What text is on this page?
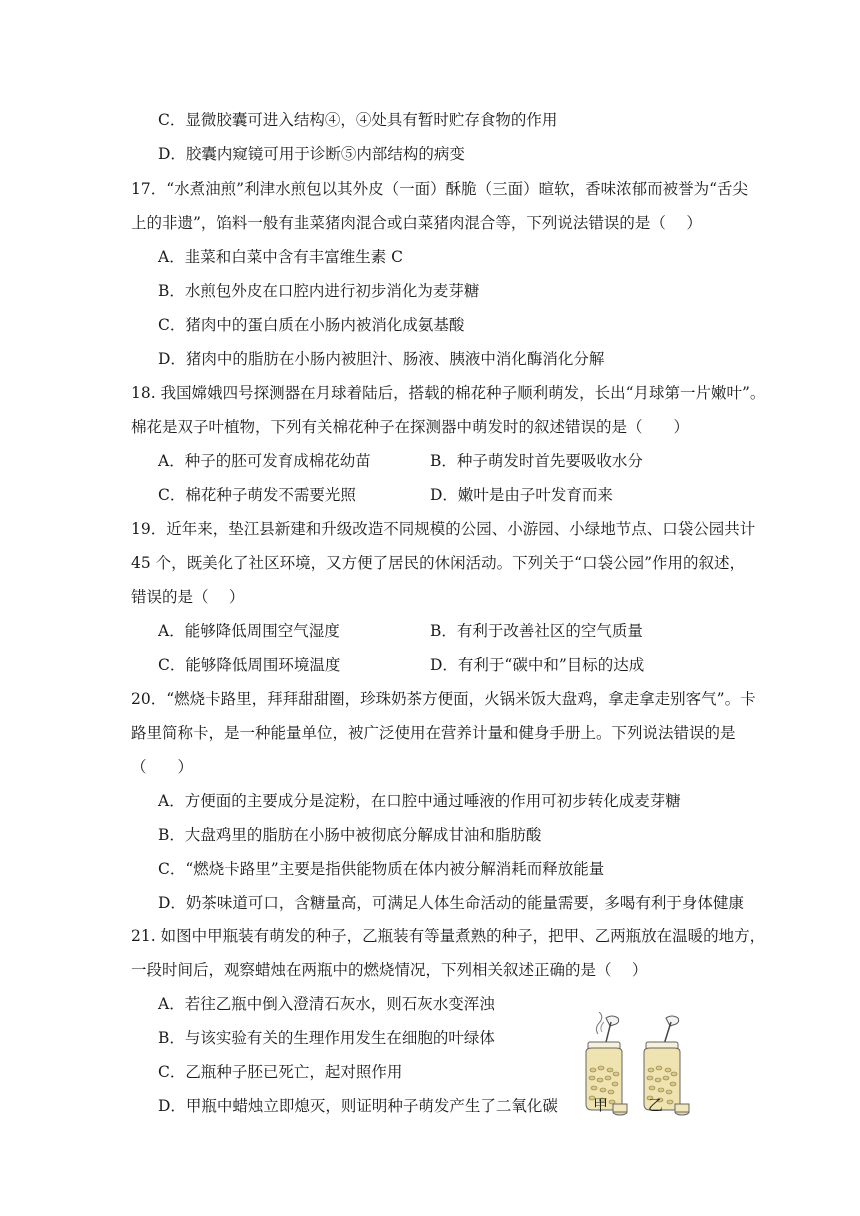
C．显微胶囊可进入结构④，④处具有暂时贮存食物的作用
D．胶囊内窥镜可用于诊断⑤内部结构的病变
17．“水煮油煎”利津水煎包以其外皮（一面）酥脆（三面）暄软，香味浓郁而被誉为“舌尖
上的非遗”，馅料一般有韭菜猪肉混合或白菜猪肉混合等，下列说法错误的是（　 ）
A．韭菜和白菜中含有丰富维生素 C
B．水煎包外皮在口腔内进行初步消化为麦芽糖
C．猪肉中的蛋白质在小肠内被消化成氨基酸
D．猪肉中的脂肪在小肠内被胆汁、肠液、胰液中消化酶消化分解
18. 我国嫦娥四号探测器在月球着陆后，搭载的棉花种子顺利萌发，长出“月球第一片嫩叶”。
棉花是双子叶植物，下列有关棉花种子在探测器中萌发时的叙述错误的是（　　）
A．种子的胚可发育成棉花幼苗	B．种子萌发时首先要吸收水分
C．棉花种子萌发不需要光照	D．嫩叶是由子叶发育而来
19．近年来，垫江县新建和升级改造不同规模的公园、小游园、小绿地节点、口袋公园共计
45 个，既美化了社区环境，又方便了居民的休闲活动。下列关于“口袋公园”作用的叙述，
错误的是（　 ）
A．能够降低周围空气湿度	B．有利于改善社区的空气质量
C．能够降低周围环境温度	D．有利于“碳中和”目标的达成
20．“燃烧卡路里，拜拜甜甜圈，珍珠奶茶方便面，火锅米饭大盘鸡，拿走拿走别客气”。卡
路里简称卡，是一种能量单位，被广泛使用在营养计量和健身手册上。下列说法错误的是
（　　）
A．方便面的主要成分是淀粉，在口腔中通过唾液的作用可初步转化成麦芽糖
B．大盘鸡里的脂肪在小肠中被彻底分解成甘油和脂肪酸
C．“燃烧卡路里”主要是指供能物质在体内被分解消耗而释放能量
D．奶茶味道可口，含糖量高，可满足人体生命活动的能量需要，多喝有利于身体健康
21. 如图中甲瓶装有萌发的种子，乙瓶装有等量煮熟的种子，把甲、乙两瓶放在温暖的地方，
一段时间后，观察蜡烛在两瓶中的燃烧情况，下列相关叙述正确的是（　 ）
A．若往乙瓶中倒入澄清石灰水，则石灰水变浑浊
B．与该实验有关的生理作用发生在细胞的叶绿体
C．乙瓶种子胚已死亡，起对照作用
D．甲瓶中蜡烛立即熄灭，则证明种子萌发产生了二氧化碳 甲	乙
